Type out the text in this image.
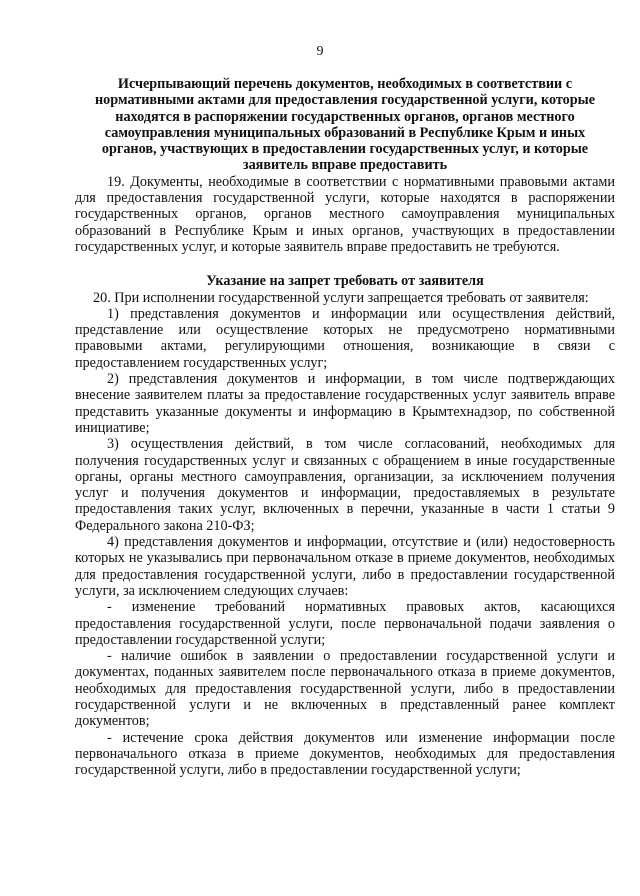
9

Исчерпывающий перечень документов, необходимых в соответствии с нормативными актами для предоставления государственной услуги, которые находятся в распоряжении государственных органов, органов местного самоуправления муниципальных образований в Республике Крым и иных органов, участвующих в предоставлении государственных услуг, и которые заявитель вправе предоставить

19. Документы, необходимые в соответствии с нормативными правовыми актами для предоставления государственной услуги, которые находятся в распоряжении государственных органов, органов местного самоуправления муниципальных образований в Республике Крым и иных органов, участвующих в предоставлении государственных услуг, и которые заявитель вправе предоставить не требуются.

Указание на запрет требовать от заявителя

20. При исполнении государственной услуги запрещается требовать от заявителя:

1) представления документов и информации или осуществления действий, представление или осуществление которых не предусмотрено нормативными правовыми актами, регулирующими отношения, возникающие в связи с предоставлением государственных услуг;

2) представления документов и информации, в том числе подтверждающих внесение заявителем платы за предоставление государственных услуг заявитель вправе представить указанные документы и информацию в Крымтехнадзор, по собственной инициативе;

3) осуществления действий, в том числе согласований, необходимых для получения государственных услуг и связанных с обращением в иные государственные органы, органы местного самоуправления, организации, за исключением получения услуг и получения документов и информации, предоставляемых в результате предоставления таких услуг, включенных в перечни, указанные в части 1 статьи 9 Федерального закона 210-ФЗ;

4) представления документов и информации, отсутствие и (или) недостоверность которых не указывались при первоначальном отказе в приеме документов, необходимых для предоставления государственной услуги, либо в предоставлении государственной услуги, за исключением следующих случаев:

- изменение требований нормативных правовых актов, касающихся предоставления государственной услуги, после первоначальной подачи заявления о предоставлении государственной услуги;

- наличие ошибок в заявлении о предоставлении государственной услуги и документах, поданных заявителем после первоначального отказа в приеме документов, необходимых для предоставления государственной услуги, либо в предоставлении государственной услуги и не включенных в представленный ранее комплект документов;

- истечение срока действия документов или изменение информации после первоначального отказа в приеме документов, необходимых для предоставления государственной услуги, либо в предоставлении государственной услуги;
